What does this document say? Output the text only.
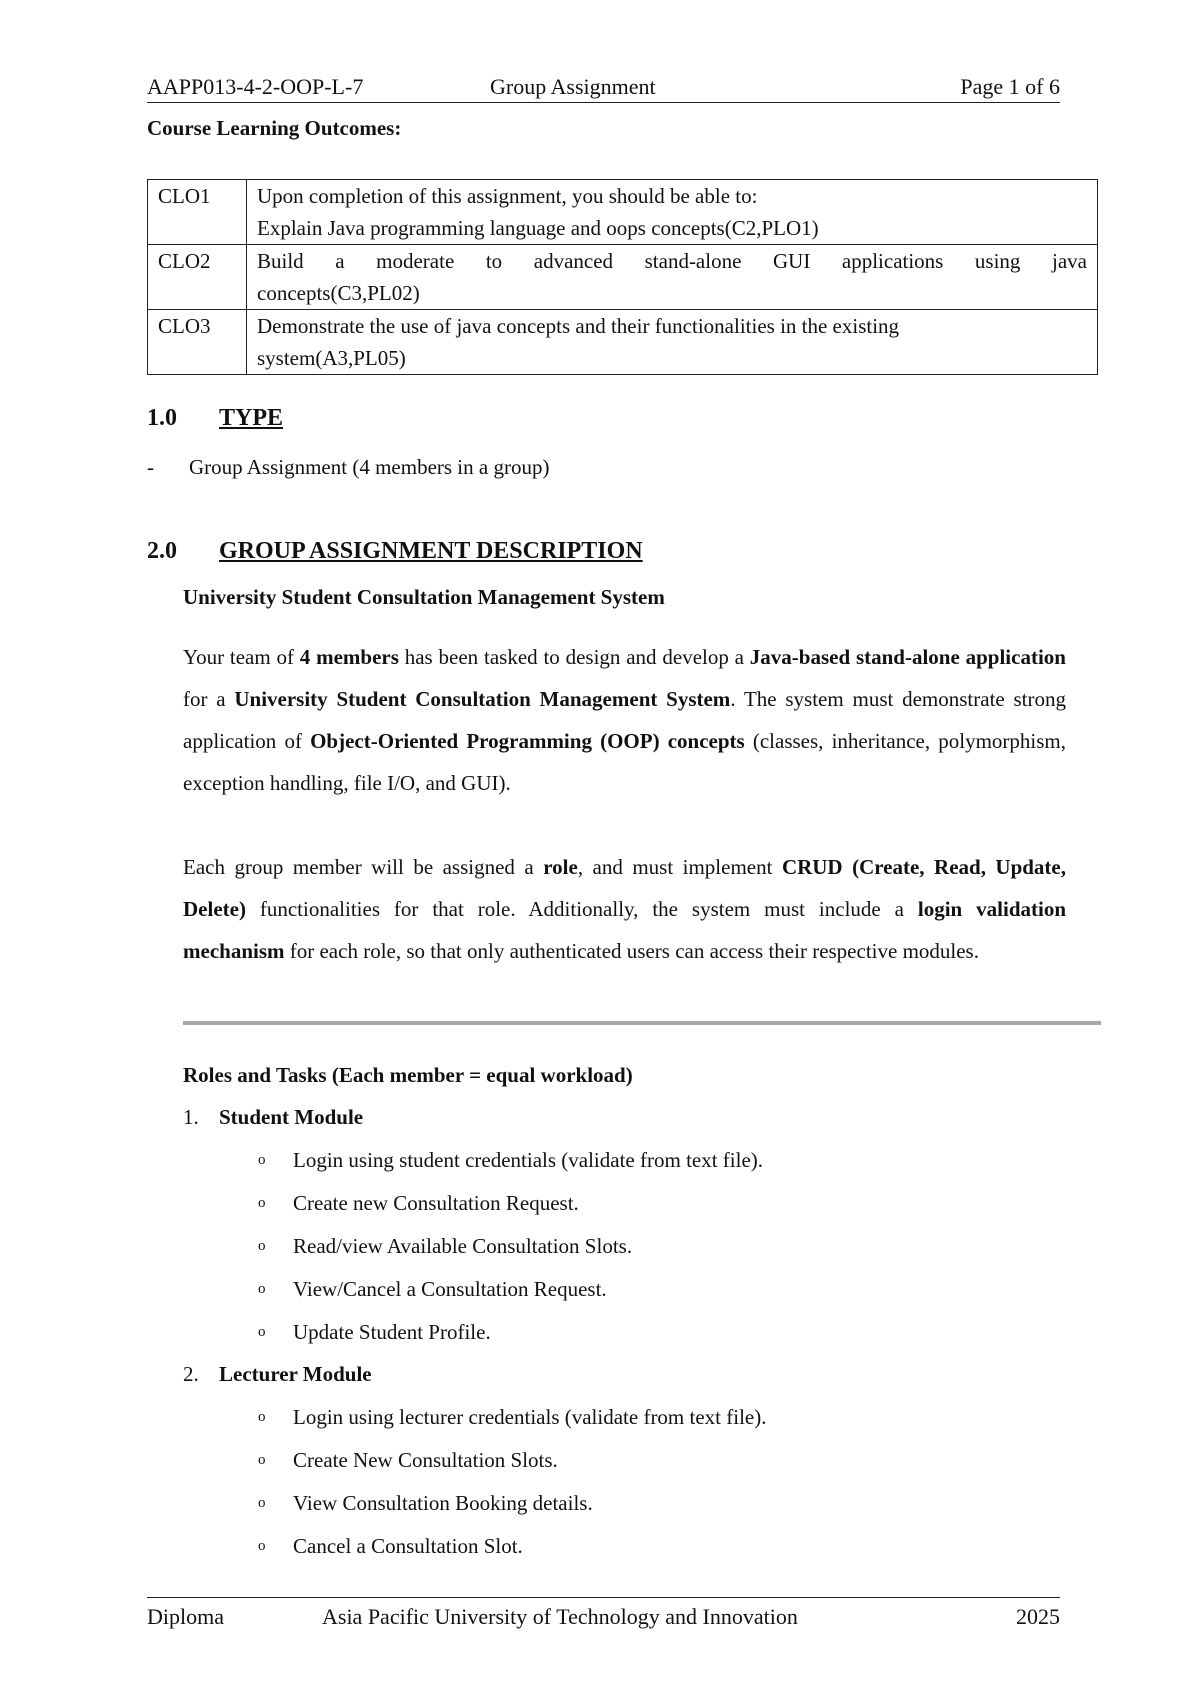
AAPP013-4-2-OOP-L-7	Group Assignment	Page 1 of 6
Course Learning Outcomes:
CLO1	Upon completion of this assignment, you should be able to:
Explain Java programming language and oops concepts(C2,PLO1)

CLO2	Build a moderate to advanced stand-alone GUI applications using java
concepts(C3,PL02)

CLO3	Demonstrate the use of java concepts and their functionalities in the existing
system(A3,PL05)
1.0 TYPE
- Group Assignment (4 members in a group)
2.0 GROUP ASSIGNMENT DESCRIPTION
University Student Consultation Management System
Your team of 4 members has been tasked to design and develop a Java-based stand-alone application for a University Student Consultation Management System. The system must demonstrate strong application of Object-Oriented Programming (OOP) concepts (classes, inheritance, polymorphism, exception handling, file I/O, and GUI).
Each group member will be assigned a role, and must implement CRUD (Create, Read, Update, Delete) functionalities for that role. Additionally, the system must include a login validation mechanism for each role, so that only authenticated users can access their respective modules.
Roles and Tasks (Each member = equal workload)
1. Student Module
o Login using student credentials (validate from text file).
o Create new Consultation Request.
o Read/view Available Consultation Slots.
o View/Cancel a Consultation Request.
o Update Student Profile.
2. Lecturer Module
o Login using lecturer credentials (validate from text file).
o Create New Consultation Slots.
o View Consultation Booking details.
o Cancel a Consultation Slot.
Diploma	Asia Pacific University of Technology and Innovation	2025
